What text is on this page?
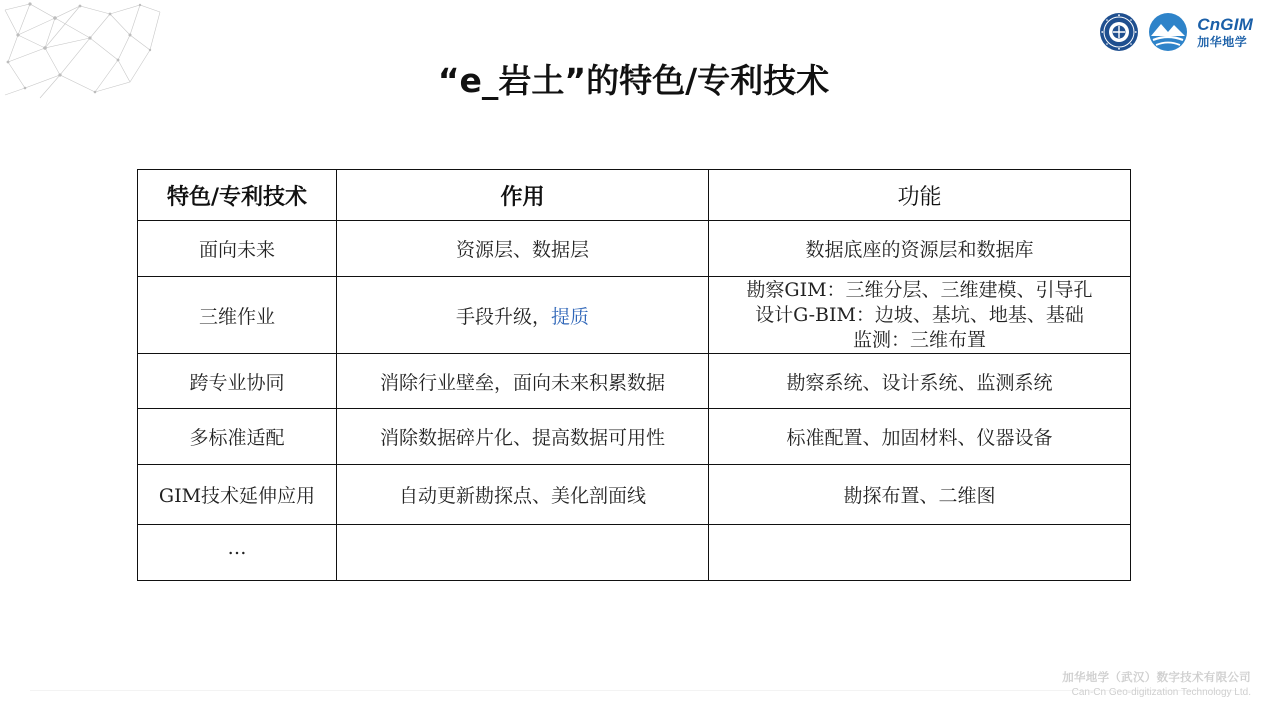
CnGIM
加华地学
“e_岩土”的特色/专利技术
特色/专利技术	作用	功能
面向未来	资源层、数据层	数据底座的资源层和数据库
三维作业	手段升级，提质	勘察GIM：三维分层、三维建模、引导孔
设计G-BIM：边坡、基坑、地基、基础
监测：三维布置

跨专业协同	消除行业壁垒，面向未来积累数据	勘察系统、设计系统、监测系统
多标准适配	消除数据碎片化、提高数据可用性	标准配置、加固材料、仪器设备
GIM技术延伸应用	自动更新勘探点、美化剖面线	勘探布置、二维图
…		
加华地学（武汉）数字技术有限公司
Can-Cn Geo-digitization Technology Ltd.
